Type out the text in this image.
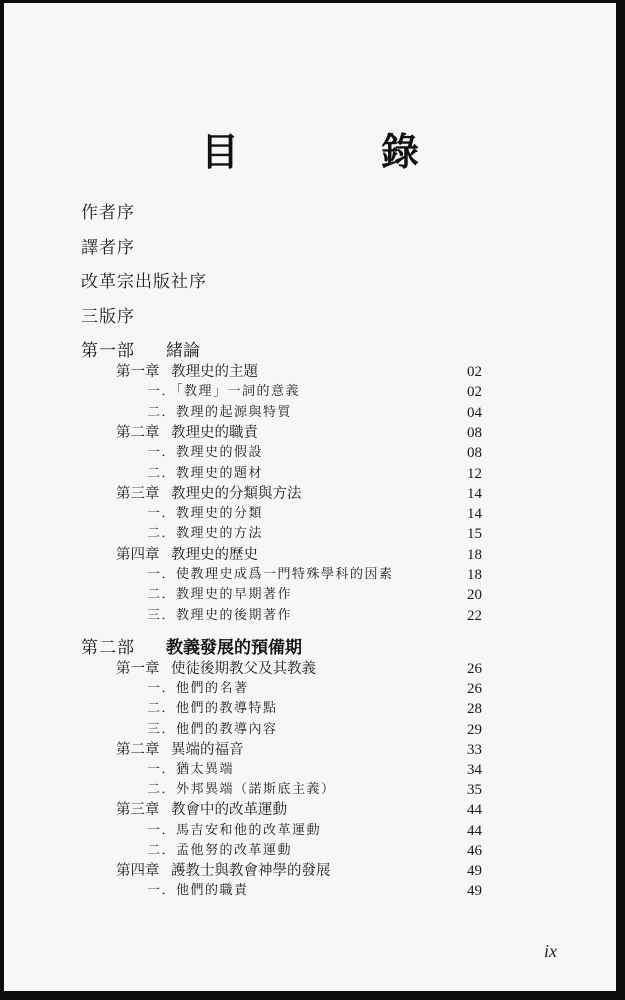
目　錄
作者序
譯者序
改革宗出版社序
三版序
第一部 緒論
第一章 教理史的主題	02
一．「教理」一詞的意義	02
二．教理的起源與特質	04
第二章 教理史的職責	08
一．教理史的假設	08
二．教理史的題材	12
第三章 教理史的分類與方法	14
一．教理史的分類	14
二．教理史的方法	15
第四章 教理史的歷史	18
一．使教理史成爲一門特殊學科的因素	18
二．教理史的早期著作	20
三．教理史的後期著作	22
第二部 教義發展的預備期
第一章 使徒後期教父及其教義	26
一．他們的名著	26
二．他們的教導特點	28
三．他們的教導內容	29
第二章 異端的福音	33
一．猶太異端	34
二．外邦異端（諾斯底主義）	35
第三章 教會中的改革運動	44
一．馬吉安和他的改革運動	44
二．孟他努的改革運動	46
第四章 護教士與教會神學的發展	49
一．他們的職責	49
ix
